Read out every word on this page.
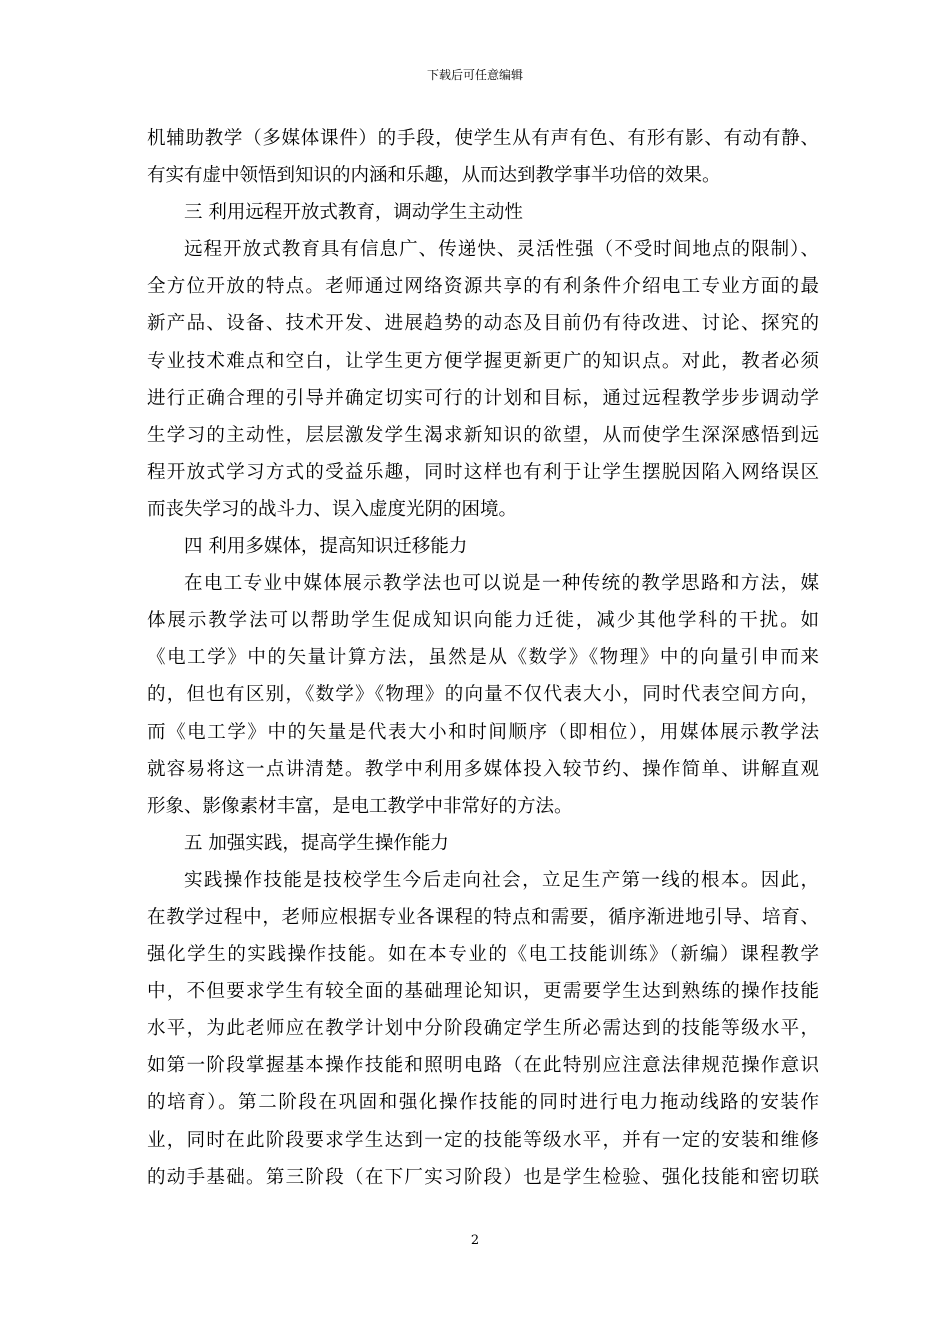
下载后可任意编辑
机辅助教学（多媒体课件）的手段，使学生从有声有色、有形有影、有动有静、
有实有虚中领悟到知识的内涵和乐趣，从而达到教学事半功倍的效果。
三 利用远程开放式教育，调动学生主动性
远程开放式教育具有信息广、传递快、灵活性强（不受时间地点的限制）、
全方位开放的特点。老师通过网络资源共享的有利条件介绍电工专业方面的最
新产品、设备、技术开发、进展趋势的动态及目前仍有待改进、讨论、探究的
专业技术难点和空白，让学生更方便学握更新更广的知识点。对此，教者必须
进行正确合理的引导并确定切实可行的计划和目标，通过远程教学步步调动学
生学习的主动性，层层激发学生渴求新知识的欲望，从而使学生深深感悟到远
程开放式学习方式的受益乐趣，同时这样也有利于让学生摆脱因陷入网络误区
而丧失学习的战斗力、误入虚度光阴的困境。
四 利用多媒体，提高知识迁移能力
在电工专业中媒体展示教学法也可以说是一种传统的教学思路和方法，媒
体展示教学法可以帮助学生促成知识向能力迁徙，减少其他学科的干扰。如
《电工学》中的矢量计算方法，虽然是从《数学》《物理》中的向量引申而来
的，但也有区别，《数学》《物理》的向量不仅代表大小，同时代表空间方向，
而《电工学》中的矢量是代表大小和时间顺序（即相位），用媒体展示教学法
就容易将这一点讲清楚。教学中利用多媒体投入较节约、操作简单、讲解直观
形象、影像素材丰富，是电工教学中非常好的方法。
五 加强实践，提高学生操作能力
实践操作技能是技校学生今后走向社会，立足生产第一线的根本。因此，
在教学过程中，老师应根据专业各课程的特点和需要，循序渐进地引导、培育、
强化学生的实践操作技能。如在本专业的《电工技能训练》（新编）课程教学
中，不但要求学生有较全面的基础理论知识，更需要学生达到熟练的操作技能
水平，为此老师应在教学计划中分阶段确定学生所必需达到的技能等级水平，
如第一阶段掌握基本操作技能和照明电路（在此特别应注意法律规范操作意识
的培育）。第二阶段在巩固和强化操作技能的同时进行电力拖动线路的安装作
业，同时在此阶段要求学生达到一定的技能等级水平，并有一定的安装和维修
的动手基础。第三阶段（在下厂实习阶段）也是学生检验、强化技能和密切联
2
